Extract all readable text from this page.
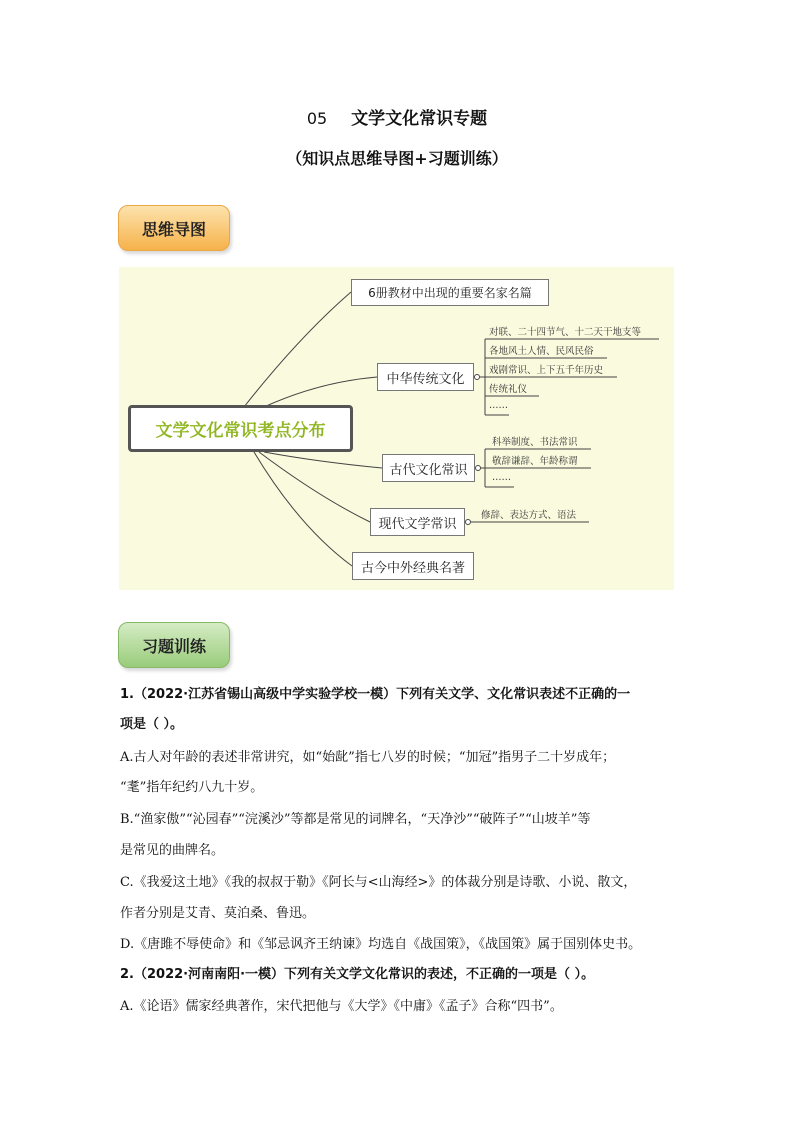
05 文学文化常识专题
（知识点思维导图+习题训练）
思维导图
文学文化常识考点分布
6册教材中出现的重要名家名篇
中华传统文化
古代文化常识
现代文学常识
古今中外经典名著
对联、二十四节气、十二天干地支等
各地风土人情、民风民俗
戏剧常识、上下五千年历史
传统礼仪
……
科举制度、书法常识
敬辞谦辞、年龄称谓
……
修辞、表达方式、语法
习题训练
1.（2022·江苏省锡山高级中学实验学校一模）下列有关文学、文化常识表述不正确的一
项是（ ）。
A.古人对年龄的表述非常讲究，如“始龀”指七八岁的时候；“加冠”指男子二十岁成年；
“耄”指年纪约八九十岁。
B.“渔家傲”“沁园春”“浣溪沙”等都是常见的词牌名，“天净沙”“破阵子”“山坡羊”等
是常见的曲牌名。
C.《我爱这土地》《我的叔叔于勒》《阿长与<山海经>》的体裁分别是诗歌、小说、散文，
作者分别是艾青、莫泊桑、鲁迅。
D.《唐雎不辱使命》和《邹忌讽齐王纳谏》均选自《战国策》，《战国策》属于国别体史书。
2.（2022·河南南阳·一模）下列有关文学文化常识的表述，不正确的一项是（ ）。
A.《论语》儒家经典著作，宋代把他与《大学》《中庸》《孟子》合称“四书”。
